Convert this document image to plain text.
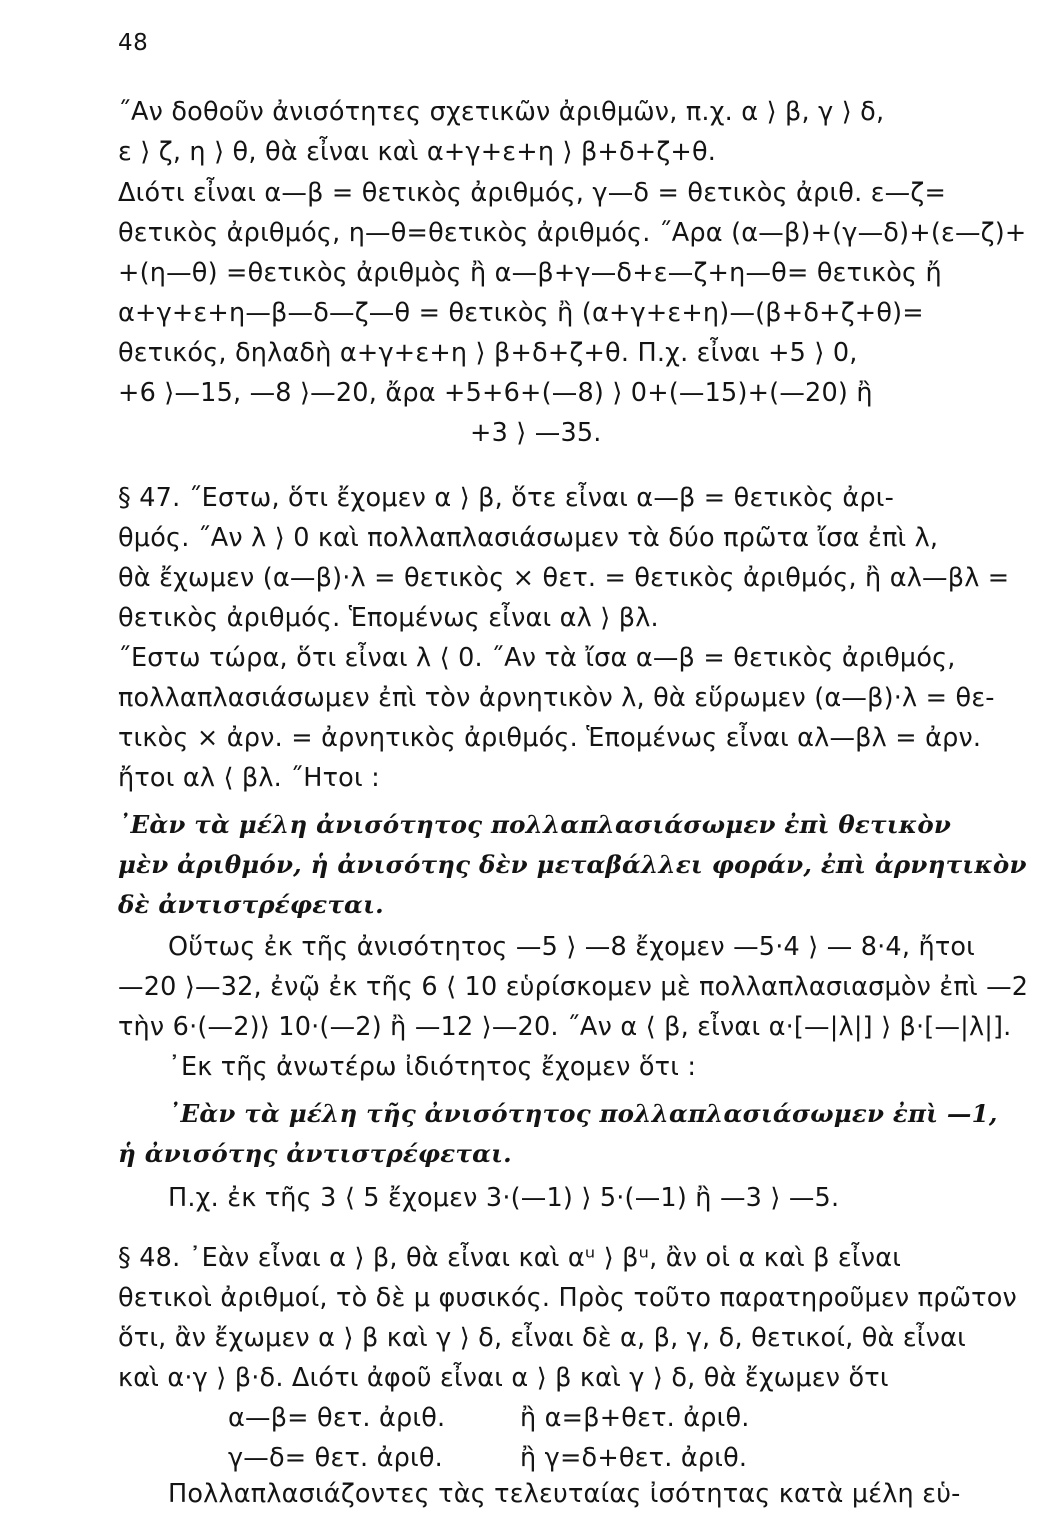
48
˝Αν δοθοῦν ἀνισότητες σχετικῶν ἀριθμῶν, π.χ. α ⟩ β, γ ⟩ δ,
ε ⟩ ζ, η ⟩ θ, θὰ εἶναι καὶ α+γ+ε+η ⟩ β+δ+ζ+θ.
Διότι εἶναι α—β = θετικὸς ἀριθμός, γ—δ = θετικὸς ἀριθ. ε—ζ=
θετικὸς ἀριθμός, η—θ=θετικὸς ἀριθμός. ˝Αρα (α—β)+(γ—δ)+(ε—ζ)+
+(η—θ) =θετικὸς ἀριθμὸς ἢ α—β+γ—δ+ε—ζ+η—θ= θετικὸς ἤ
α+γ+ε+η—β—δ—ζ—θ = θετικὸς ἢ (α+γ+ε+η)—(β+δ+ζ+θ)=
θετικός, δηλαδὴ α+γ+ε+η ⟩ β+δ+ζ+θ. Π.χ. εἶναι +5 ⟩ 0,
+6 ⟩—15, —8 ⟩—20, ἄρα +5+6+(—8) ⟩ 0+(—15)+(—20) ἢ
+3 ⟩ —35.
§ 47. ˝Εστω, ὅτι ἔχομεν α ⟩ β, ὅτε εἶναι α—β = θετικὸς ἀρι-
θμός. ˝Αν λ ⟩ 0 καὶ πολλαπλασιάσωμεν τὰ δύο πρῶτα ἴσα ἐπὶ λ,
θὰ ἔχωμεν (α—β)·λ = θετικὸς × θετ. = θετικὸς ἀριθμός, ἢ αλ—βλ =
θετικὸς ἀριθμός. Ἑπομένως εἶναι αλ ⟩ βλ.
˝Εστω τώρα, ὅτι εἶναι λ ⟨ 0. ˝Αν τὰ ἴσα α—β = θετικὸς ἀριθμός,
πολλαπλασιάσωμεν ἐπὶ τὸν ἀρνητικὸν λ, θὰ εὕρωμεν (α—β)·λ = θε-
τικὸς × ἀρν. = ἀρνητικὸς ἀριθμός. Ἑπομένως εἶναι αλ—βλ = ἀρν.
ἤτοι αλ ⟨ βλ. ˝Ητοι :
᾽Εὰν τὰ μέλη ἀνισότητος πολλαπλασιάσωμεν ἐπὶ θετικὸν
μὲν ἀριθμόν, ἡ ἀνισότης δὲν μεταβάλλει φοράν, ἐπὶ ἀρνητικὸν
δὲ ἀντιστρέφεται.
Οὕτως ἐκ τῆς ἀνισότητος —5 ⟩ —8 ἔχομεν —5·4 ⟩ — 8·4, ἤτοι
—20 ⟩—32, ἐνῷ ἐκ τῆς 6 ⟨ 10 εὑρίσκομεν μὲ πολλαπλασιασμὸν ἐπὶ —2
τὴν 6·(—2)⟩ 10·(—2) ἢ —12 ⟩—20. ˝Αν α ⟨ β, εἶναι α·[—|λ|] ⟩ β·[—|λ|].
᾽Εκ τῆς ἀνωτέρω ἰδιότητος ἔχομεν ὅτι :
᾽Εὰν τὰ μέλη τῆς ἀνισότητος πολλαπλασιάσωμεν ἐπὶ —1,
ἡ ἀνισότης ἀντιστρέφεται.
Π.χ. ἐκ τῆς 3 ⟨ 5 ἔχομεν 3·(—1) ⟩ 5·(—1) ἢ —3 ⟩ —5.
§ 48. ᾽Εὰν εἶναι α ⟩ β, θὰ εἶναι καὶ αᵘ ⟩ βᵘ, ἂν οἱ α καὶ β εἶναι
θετικοὶ ἀριθμοί, τὸ δὲ μ φυσικός. Πρὸς τοῦτο παρατηροῦμεν πρῶτον
ὅτι, ἂν ἔχωμεν α ⟩ β καὶ γ ⟩ δ, εἶναι δὲ α, β, γ, δ, θετικοί, θὰ εἶναι
καὶ α·γ ⟩ β·δ. Διότι ἀφοῦ εἶναι α ⟩ β καὶ γ ⟩ δ, θὰ ἔχωμεν ὅτι
α—β= θετ. ἀριθ.	ἢ α=β+θετ. ἀριθ.
γ—δ= θετ. ἀριθ.	ἢ γ=δ+θετ. ἀριθ.
Πολλαπλασιάζοντες τὰς τελευταίας ἰσότητας κατὰ μέλη εὑ-
